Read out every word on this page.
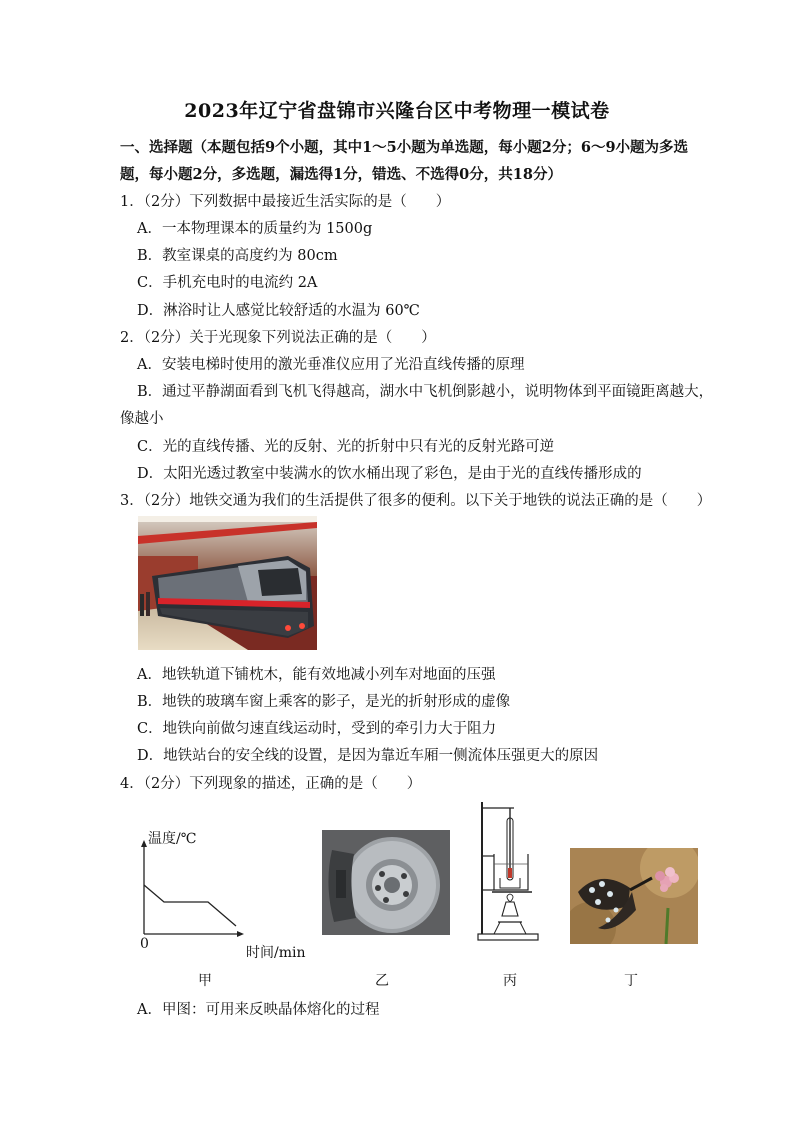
2023年辽宁省盘锦市兴隆台区中考物理一模试卷
一、选择题（本题包括9个小题，其中1～5小题为单选题，每小题2分；6～9小题为多选
题，每小题2分，多选题，漏选得1分，错选、不选得0分，共18分）
1．（2分）下列数据中最接近生活实际的是（　　）
A．一本物理课本的质量约为 1500g
B．教室课桌的高度约为 80cm
C．手机充电时的电流约 2A
D．淋浴时让人感觉比较舒适的水温为 60℃
2．（2分）关于光现象下列说法正确的是（　　）
A．安装电梯时使用的激光垂准仪应用了光沿直线传播的原理
B．通过平静湖面看到飞机飞得越高，湖水中飞机倒影越小，说明物体到平面镜距离越大，
像越小
C．光的直线传播、光的反射、光的折射中只有光的反射光路可逆
D．太阳光透过教室中装满水的饮水桶出现了彩色，是由于光的直线传播形成的
3．（2分）地铁交通为我们的生活提供了很多的便利。以下关于地铁的说法正确的是（　　）
A．地铁轨道下铺枕木，能有效地减小列车对地面的压强
B．地铁的玻璃车窗上乘客的影子，是光的折射形成的虚像
C．地铁向前做匀速直线运动时，受到的牵引力大于阻力
D．地铁站台的安全线的设置，是因为靠近车厢一侧流体压强更大的原因
4．（2分）下列现象的描述，正确的是（　　）
温度/℃
0
时间/min
甲	乙	丙	丁
A．甲图：可用来反映晶体熔化的过程
